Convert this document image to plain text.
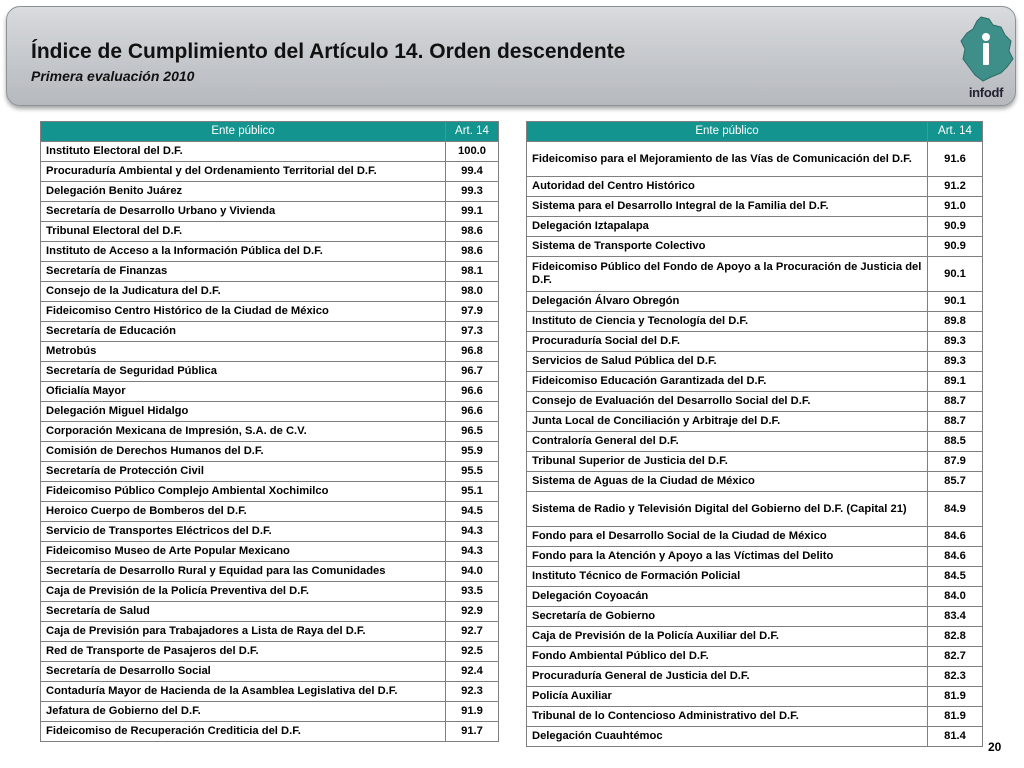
Índice de Cumplimiento del Artículo 14. Orden descendente
Primera evaluación 2010
infodf
Ente público	Art. 14
Instituto Electoral del D.F.	100.0
Procuraduría Ambiental y del Ordenamiento Territorial del D.F.	99.4
Delegación Benito Juárez	99.3
Secretaría de Desarrollo Urbano y Vivienda	99.1
Tribunal Electoral del D.F.	98.6
Instituto de Acceso a la Información Pública del D.F.	98.6
Secretaría de Finanzas	98.1
Consejo de la Judicatura del D.F.	98.0
Fideicomiso Centro Histórico de la Ciudad de México	97.9
Secretaría de Educación	97.3
Metrobús	96.8
Secretaría de Seguridad Pública	96.7
Oficialía Mayor	96.6
Delegación Miguel Hidalgo	96.6
Corporación Mexicana de Impresión, S.A. de C.V.	96.5
Comisión de Derechos Humanos del D.F.	95.9
Secretaría de Protección Civil	95.5
Fideicomiso Público Complejo Ambiental Xochimilco	95.1
Heroico Cuerpo de Bomberos del D.F.	94.5
Servicio de Transportes Eléctricos del D.F.	94.3
Fideicomiso Museo de Arte Popular Mexicano	94.3
Secretaría de Desarrollo Rural y Equidad para las Comunidades	94.0
Caja de Previsión de la Policía Preventiva del D.F.	93.5
Secretaría de Salud	92.9
Caja de Previsión para Trabajadores a Lista de Raya del D.F.	92.7
Red de Transporte de Pasajeros del D.F.	92.5
Secretaría de Desarrollo Social	92.4
Contaduría Mayor de Hacienda de la Asamblea Legislativa del D.F.	92.3
Jefatura de Gobierno del D.F.	91.9
Fideicomiso de Recuperación Crediticia del D.F.	91.7
Ente público	Art. 14
Fideicomiso para el Mejoramiento de las Vías de Comunicación del D.F.	91.6
Autoridad del Centro Histórico	91.2
Sistema para el Desarrollo Integral de la Familia del D.F.	91.0
Delegación Iztapalapa	90.9
Sistema de Transporte Colectivo	90.9
Fideicomiso Público del Fondo de Apoyo a la Procuración de Justicia del D.F.	90.1
Delegación Álvaro Obregón	90.1
Instituto de Ciencia y Tecnología del D.F.	89.8
Procuraduría Social del D.F.	89.3
Servicios de Salud Pública del D.F.	89.3
Fideicomiso Educación Garantizada del D.F.	89.1
Consejo de Evaluación del Desarrollo Social del D.F.	88.7
Junta Local de Conciliación y Arbitraje del D.F.	88.7
Contraloría General del D.F.	88.5
Tribunal Superior de Justicia del D.F.	87.9
Sistema de Aguas de la Ciudad de México	85.7
Sistema de Radio y Televisión Digital del Gobierno del D.F. (Capital 21)	84.9
Fondo para el Desarrollo Social de la Ciudad de México	84.6
Fondo para la Atención y Apoyo a las Víctimas del Delito	84.6
Instituto Técnico de Formación Policial	84.5
Delegación Coyoacán	84.0
Secretaría de Gobierno	83.4
Caja de Previsión de la Policía Auxiliar del D.F.	82.8
Fondo Ambiental Público del D.F.	82.7
Procuraduría General de Justicia del D.F.	82.3
Policía Auxiliar	81.9
Tribunal de lo Contencioso Administrativo del D.F.	81.9
Delegación Cuauhtémoc	81.4
20
